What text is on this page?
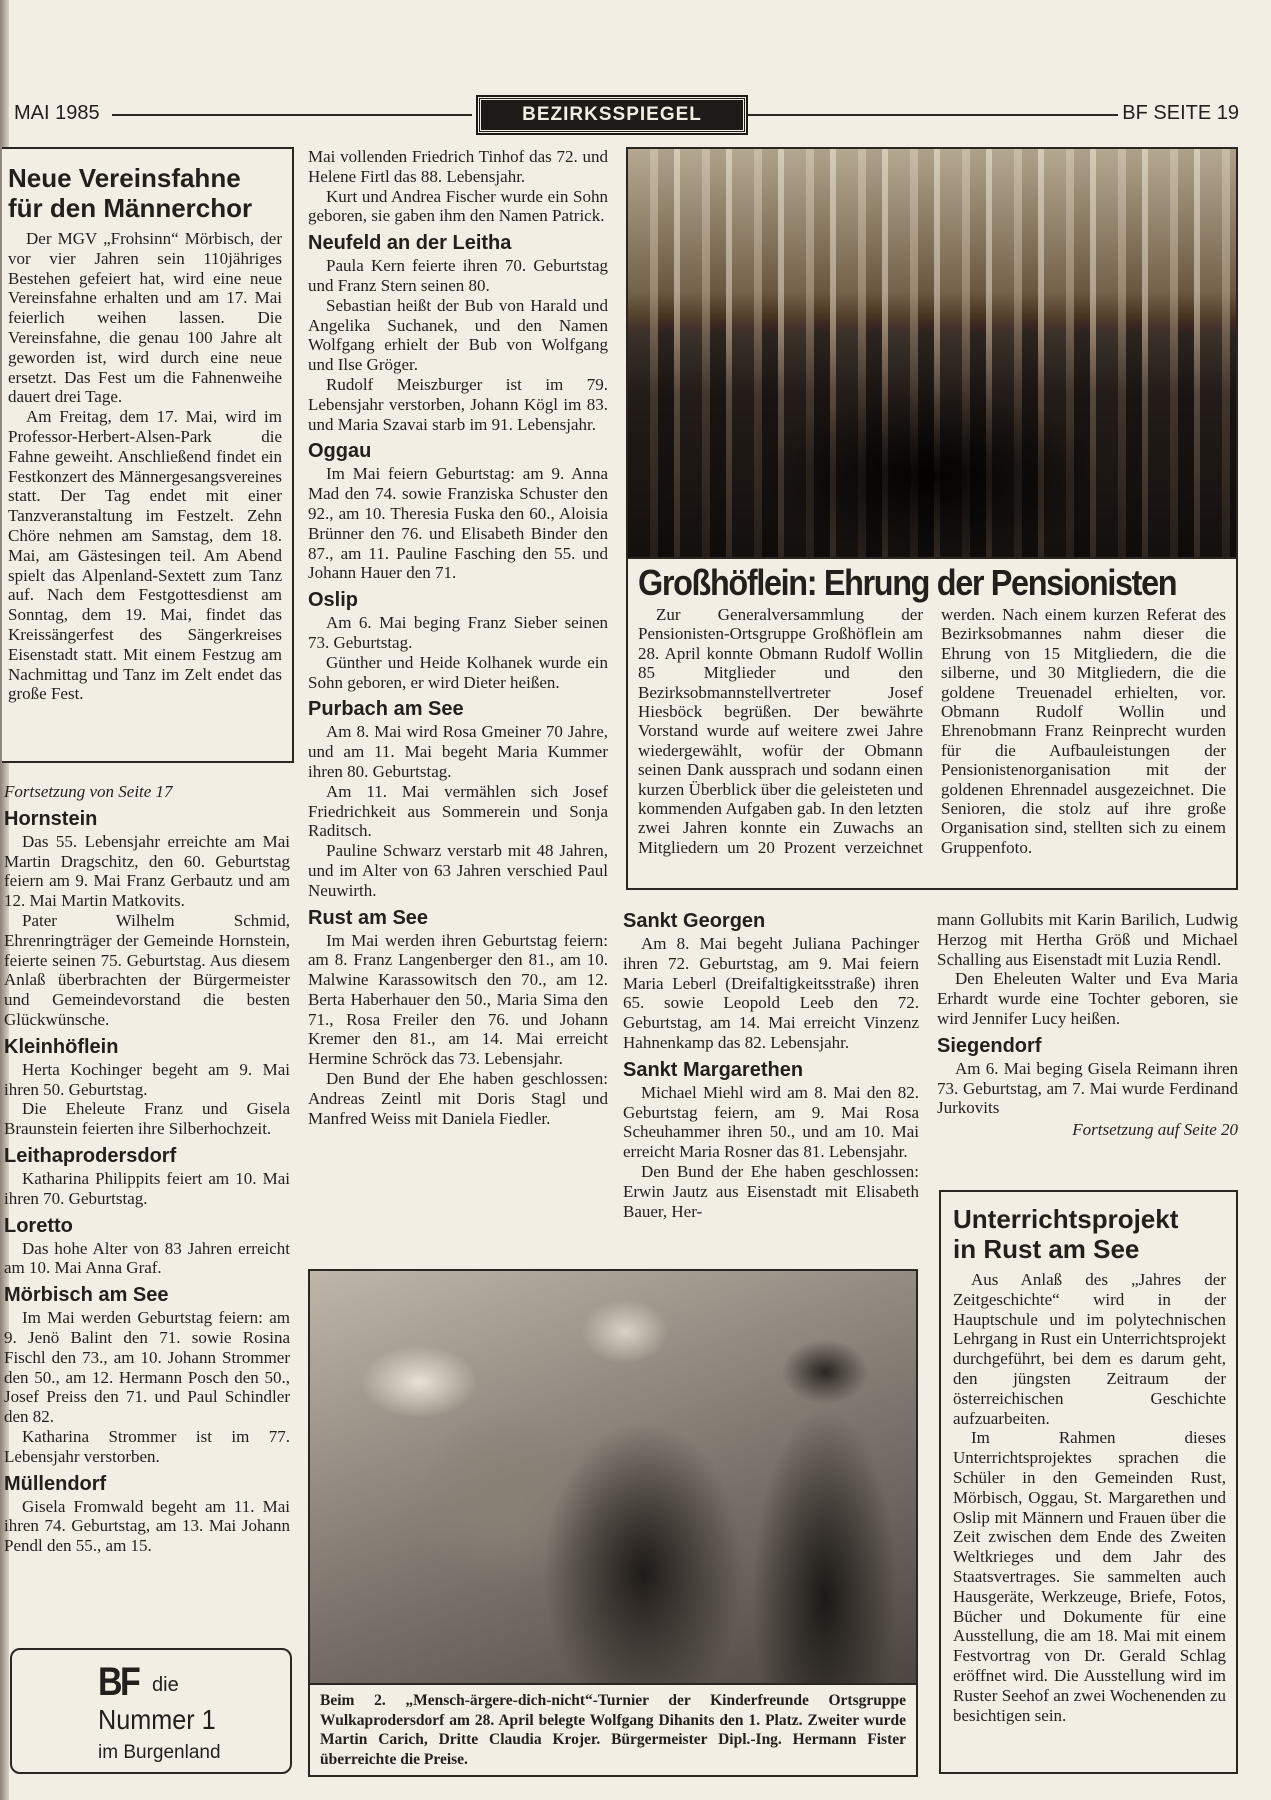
MAI 1985	BEZIRKSSPIEGEL	BF SEITE 19
Neue Vereinsfahne
für den Männerchor

Der MGV „Frohsinn“ Mörbisch, der vor vier Jahren sein 110jähriges Bestehen gefeiert hat, wird eine neue Vereinsfahne erhalten und am 17. Mai feierlich weihen lassen. Die Vereinsfahne, die genau 100 Jahre alt geworden ist, wird durch eine neue ersetzt. Das Fest um die Fahnenweihe dauert drei Tage.

Am Freitag, dem 17. Mai, wird im Professor-Herbert-Alsen-Park die Fahne geweiht. Anschließend findet ein Festkonzert des Männergesangsvereines statt. Der Tag endet mit einer Tanzveranstaltung im Festzelt. Zehn Chöre nehmen am Samstag, dem 18. Mai, am Gästesingen teil. Am Abend spielt das Alpenland-Sextett zum Tanz auf. Nach dem Festgottesdienst am Sonntag, dem 19. Mai, findet das Kreissängerfest des Sängerkreises Eisenstadt statt. Mit einem Festzug am Nachmittag und Tanz im Zelt endet das große Fest.

Fortsetzung von Seite 17

Hornstein

Das 55. Lebensjahr erreichte am Mai Martin Dragschitz, den 60. Geburtstag feiern am 9. Mai Franz Gerbautz und am 12. Mai Martin Matkovits.

Pater Wilhelm Schmid, Ehrenringträger der Gemeinde Hornstein, feierte seinen 75. Geburtstag. Aus diesem Anlaß überbrachten der Bürgermeister und Gemeindevorstand die besten Glückwünsche.

Kleinhöflein

Herta Kochinger begeht am 9. Mai ihren 50. Geburtstag.

Die Eheleute Franz und Gisela Braunstein feierten ihre Silberhochzeit.

Leithaprodersdorf

Katharina Philippits feiert am 10. Mai ihren 70. Geburtstag.

Loretto

Das hohe Alter von 83 Jahren erreicht am 10. Mai Anna Graf.

Mörbisch am See

Im Mai werden Geburtstag feiern: am 9. Jenö Balint den 71. sowie Rosina Fischl den 73., am 10. Johann Strommer den 50., am 12. Hermann Posch den 50., Josef Preiss den 71. und Paul Schindler den 82.

Katharina Strommer ist im 77. Lebensjahr verstorben.

Müllendorf

Gisela Fromwald begeht am 11. Mai ihren 74. Geburtstag, am 13. Mai Johann Pendl den 55., am 15.

BF die
Nummer 1
im Burgenland

Mai vollenden Friedrich Tinhof das 72. und Helene Firtl das 88. Lebensjahr.

Kurt und Andrea Fischer wurde ein Sohn geboren, sie gaben ihm den Namen Patrick.

Neufeld an der Leitha

Paula Kern feierte ihren 70. Geburtstag und Franz Stern seinen 80.

Sebastian heißt der Bub von Harald und Angelika Suchanek, und den Namen Wolfgang erhielt der Bub von Wolfgang und Ilse Gröger.

Rudolf Meiszburger ist im 79. Lebensjahr verstorben, Johann Kögl im 83. und Maria Szavai starb im 91. Lebensjahr.

Oggau

Im Mai feiern Geburtstag: am 9. Anna Mad den 74. sowie Franziska Schuster den 92., am 10. Theresia Fuska den 60., Aloisia Brünner den 76. und Elisabeth Binder den 87., am 11. Pauline Fasching den 55. und Johann Hauer den 71.

Oslip

Am 6. Mai beging Franz Sieber seinen 73. Geburtstag.

Günther und Heide Kolhanek wurde ein Sohn geboren, er wird Dieter heißen.

Purbach am See

Am 8. Mai wird Rosa Gmeiner 70 Jahre, und am 11. Mai begeht Maria Kummer ihren 80. Geburtstag.

Am 11. Mai vermählen sich Josef Friedrichkeit aus Sommerein und Sonja Raditsch.

Pauline Schwarz verstarb mit 48 Jahren, und im Alter von 63 Jahren verschied Paul Neuwirth.

Rust am See

Im Mai werden ihren Geburtstag feiern: am 8. Franz Langenberger den 81., am 10. Malwine Karassowitsch den 70., am 12. Berta Haberhauer den 50., Maria Sima den 71., Rosa Freiler den 76. und Johann Kremer den 81., am 14. Mai erreicht Hermine Schröck das 73. Lebensjahr.

Den Bund der Ehe haben geschlossen: Andreas Zeintl mit Doris Stagl und Manfred Weiss mit Daniela Fiedler.

Großhöflein: Ehrung der Pensionisten
Zur Generalversammlung der Pensionisten-Ortsgruppe Großhöflein am 28. April konnte Obmann Rudolf Wollin 85 Mitglieder und den Bezirksobmannstellvertreter Josef Hiesböck begrüßen. Der bewährte Vorstand wurde auf weitere zwei Jahre wiedergewählt, wofür der Obmann seinen Dank aussprach und sodann einen kurzen Überblick über die geleisteten und kommenden Aufgaben gab. In den letzten zwei Jahren konnte ein Zuwachs an Mitgliedern um 20 Prozent verzeichnet werden. Nach einem kurzen Referat des Bezirksobmannes nahm dieser die Ehrung von 15 Mitgliedern, die die silberne, und 30 Mitgliedern, die die goldene Treuenadel erhielten, vor. Obmann Rudolf Wollin und Ehrenobmann Franz Reinprecht wurden für die Aufbauleistungen der Pensionistenorganisation mit der goldenen Ehrennadel ausgezeichnet. Die Senioren, die stolz auf ihre große Organisation sind, stellten sich zu einem Gruppenfoto.
Sankt Georgen

Am 8. Mai begeht Juliana Pachinger ihren 72. Geburtstag, am 9. Mai feiern Maria Leberl (Dreifaltigkeitsstraße) ihren 65. sowie Leopold Leeb den 72. Geburtstag, am 14. Mai erreicht Vinzenz Hahnenkamp das 82. Lebensjahr.

Sankt Margarethen

Michael Miehl wird am 8. Mai den 82. Geburtstag feiern, am 9. Mai Rosa Scheuhammer ihren 50., und am 10. Mai erreicht Maria Rosner das 81. Lebensjahr.

Den Bund der Ehe haben geschlossen: Erwin Jautz aus Eisenstadt mit Elisabeth Bauer, Her-

mann Gollubits mit Karin Barilich, Ludwig Herzog mit Hertha Größ und Michael Schalling aus Eisenstadt mit Luzia Rendl.

Den Eheleuten Walter und Eva Maria Erhardt wurde eine Tochter geboren, sie wird Jennifer Lucy heißen.

Siegendorf

Am 6. Mai beging Gisela Reimann ihren 73. Geburtstag, am 7. Mai wurde Ferdinand Jurkovits

Fortsetzung auf Seite 20

Unterrichtsprojekt
in Rust am See

Aus Anlaß des „Jahres der Zeitgeschichte“ wird in der Hauptschule und im polytechnischen Lehrgang in Rust ein Unterrichtsprojekt durchgeführt, bei dem es darum geht, den jüngsten Zeitraum der österreichischen Geschichte aufzuarbeiten.

Im Rahmen dieses Unterrichtsprojektes sprachen die Schüler in den Gemeinden Rust, Mörbisch, Oggau, St. Margarethen und Oslip mit Männern und Frauen über die Zeit zwischen dem Ende des Zweiten Weltkrieges und dem Jahr des Staatsvertrages. Sie sammelten auch Hausgeräte, Werkzeuge, Briefe, Fotos, Bücher und Dokumente für eine Ausstellung, die am 18. Mai mit einem Festvortrag von Dr. Gerald Schlag eröffnet wird. Die Ausstellung wird im Ruster Seehof an zwei Wochenenden zu besichtigen sein.

Beim 2. „Mensch-ärgere-dich-nicht“-Turnier der Kinderfreunde Ortsgruppe Wulkaprodersdorf am 28. April belegte Wolfgang Dihanits den 1. Platz. Zweiter wurde Martin Carich, Dritte Claudia Krojer. Bürgermeister Dipl.-Ing. Hermann Fister überreichte die Preise.
